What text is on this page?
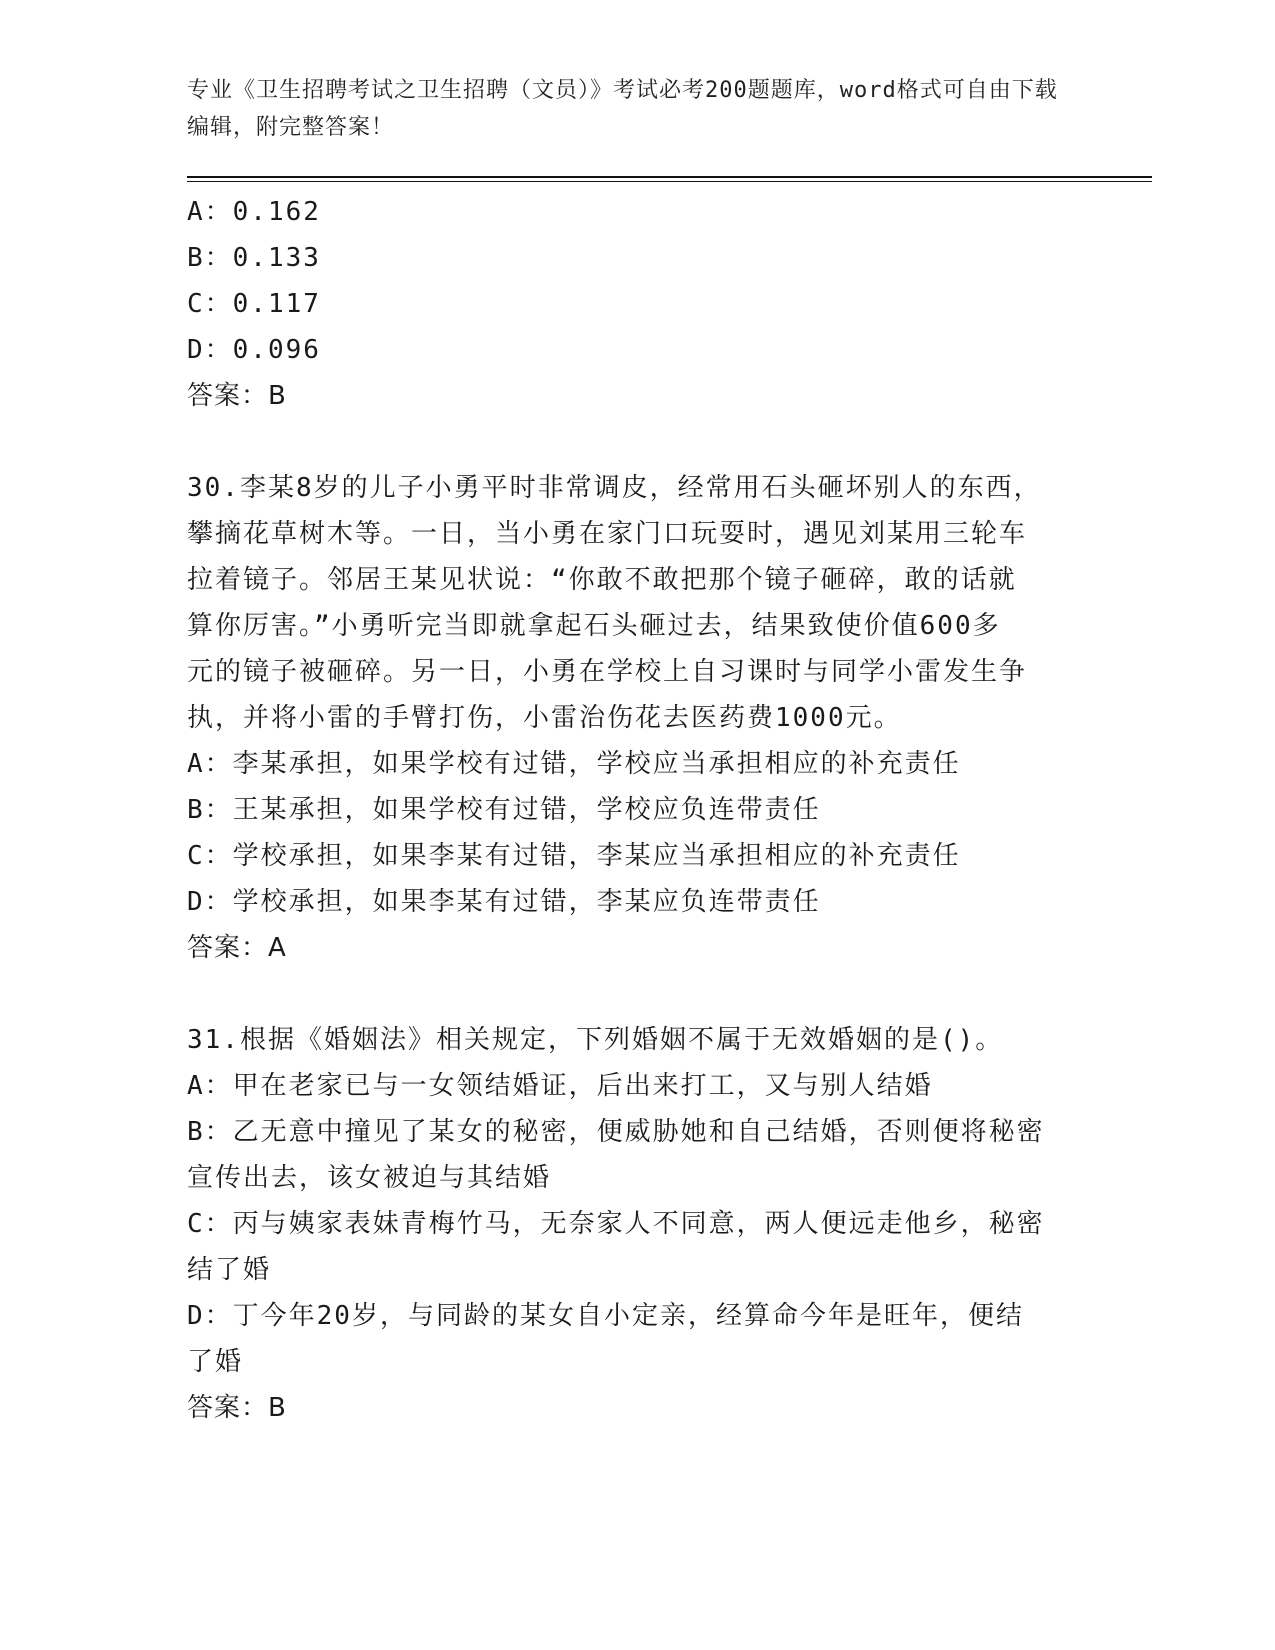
专业《卫生招聘考试之卫生招聘（文员）》考试必考200题题库，word格式可自由下载编辑，附完整答案！
A：0.162
B：0.133
C：0.117
D：0.096
答案：B
30.李某8岁的儿子小勇平时非常调皮，经常用石头砸坏别人的东西，
攀摘花草树木等。一日，当小勇在家门口玩耍时，遇见刘某用三轮车
拉着镜子。邻居王某见状说：“你敢不敢把那个镜子砸碎，敢的话就
算你厉害。”小勇听完当即就拿起石头砸过去，结果致使价值600多
元的镜子被砸碎。另一日，小勇在学校上自习课时与同学小雷发生争
执，并将小雷的手臂打伤，小雷治伤花去医药费1000元。
A：李某承担，如果学校有过错，学校应当承担相应的补充责任
B：王某承担，如果学校有过错，学校应负连带责任
C：学校承担，如果李某有过错，李某应当承担相应的补充责任
D：学校承担，如果李某有过错，李某应负连带责任
答案：A
31.根据《婚姻法》相关规定，下列婚姻不属于无效婚姻的是()。
A：甲在老家已与一女领结婚证，后出来打工，又与别人结婚
B：乙无意中撞见了某女的秘密，便威胁她和自己结婚，否则便将秘密
宣传出去，该女被迫与其结婚
C：丙与姨家表妹青梅竹马，无奈家人不同意，两人便远走他乡，秘密
结了婚
D：丁今年20岁，与同龄的某女自小定亲，经算命今年是旺年，便结
了婚
答案：B
